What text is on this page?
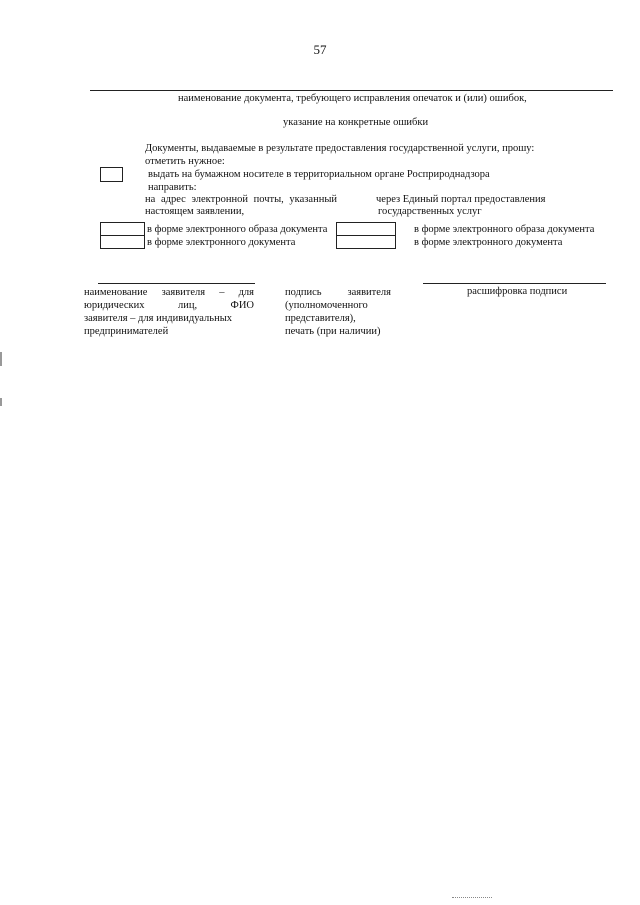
57
наименование документа, требующего исправления опечаток и (или) ошибок,
указание на конкретные ошибки
Документы, выдаваемые в результате предоставления государственной услуги, прошу:
отметить нужное:
выдать на бумажном носителе в территориальном органе Росприроднадзора
направить:
на адрес электронной почты, указанный
настоящем заявлении,
через Единый портал предоставления
государственных услуг
в форме электронного образа документа
в форме электронного документа
в форме электронного образа документа
в форме электронного документа
наименование заявителя – для
юридических	лиц,	ФИО
заявителя – для индивидуальных
предпринимателей
подпись заявителя
(уполномоченного
представителя),
печать (при наличии)
расшифровка подписи
